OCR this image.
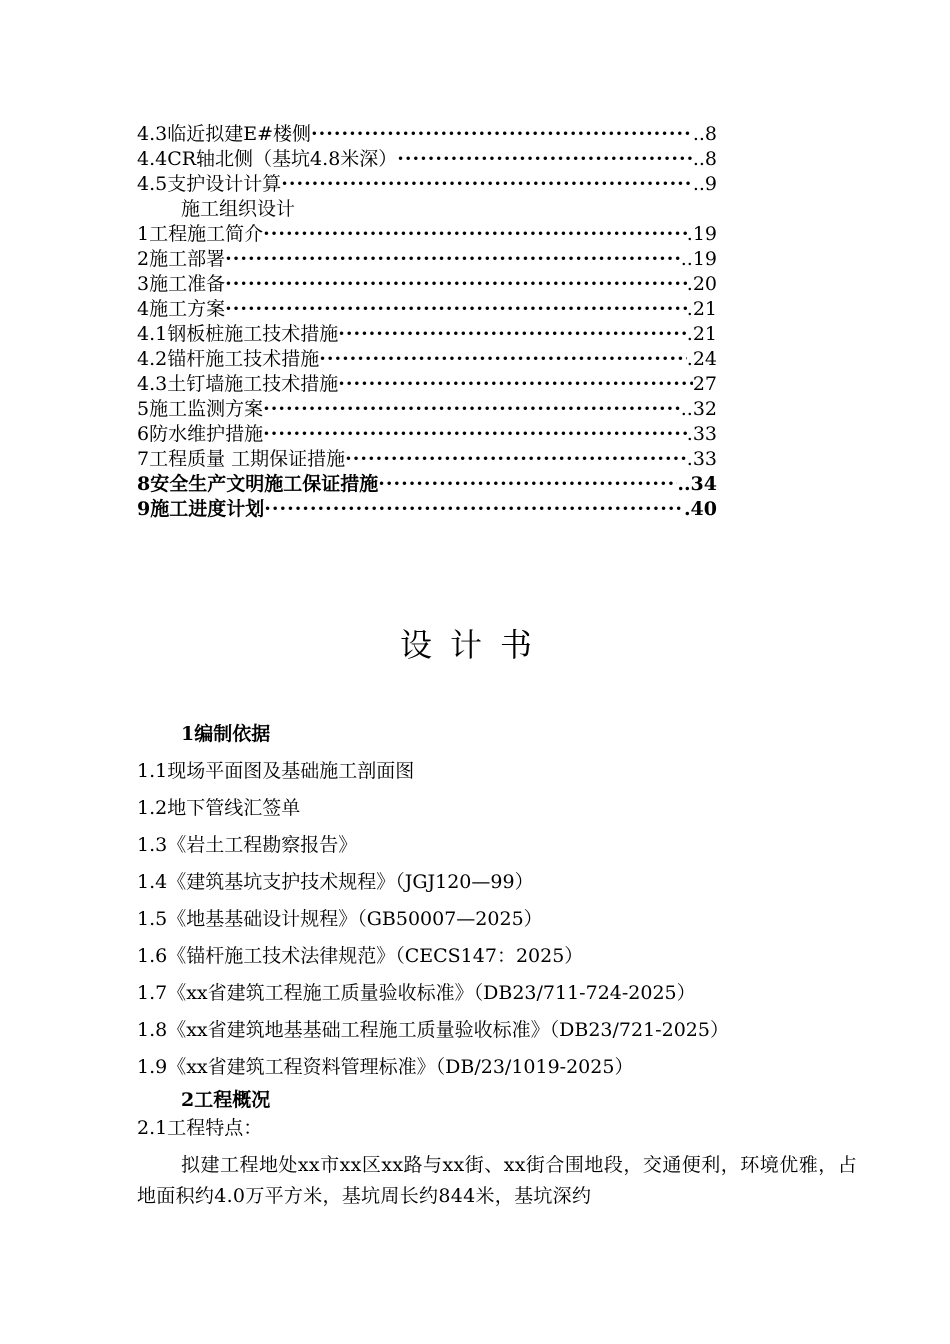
4.3临近拟建E#楼侧 ·····	..8
4.4CR轴北侧（基坑4.8米深） ·····	..8
4.5支护设计计算 ·····	..9
施工组织设计
1工程施工简介 ·····	.19
2施工部署 ·····	..19
3施工准备 ·····	.20
4施工方案 ·····	.21
4.1钢板桩施工技术措施 ·····	.21
4.2锚杆施工技术措施 ·····	.24
4.3土钉墙施工技术措施 ·····	27
5施工监测方案 ·····	..32
6防水维护措施 ·····	.33
7工程质量 工期保证措施 ·····	.33
8安全生产文明施工保证措施 ·····	..34
9施工进度计划 ·····	.40
设计书
1编制依据
1.1现场平面图及基础施工剖面图
1.2地下管线汇签单
1.3《岩土工程勘察报告》
1.4《建筑基坑支护技术规程》（JGJ120—99）
1.5《地基基础设计规程》（GB50007—2025）
1.6《锚杆施工技术法律规范》（CECS147：2025）
1.7《xx省建筑工程施工质量验收标准》（DB23/711-724-2025）
1.8《xx省建筑地基基础工程施工质量验收标准》（DB23/721-2025）
1.9《xx省建筑工程资料管理标准》（DB/23/1019-2025）
2工程概况
2.1工程特点：
拟建工程地处xx市xx区xx路与xx街、xx街合围地段，交通便利，环境优雅，占地面积约4.0万平方米，基坑周长约844米，基坑深约
